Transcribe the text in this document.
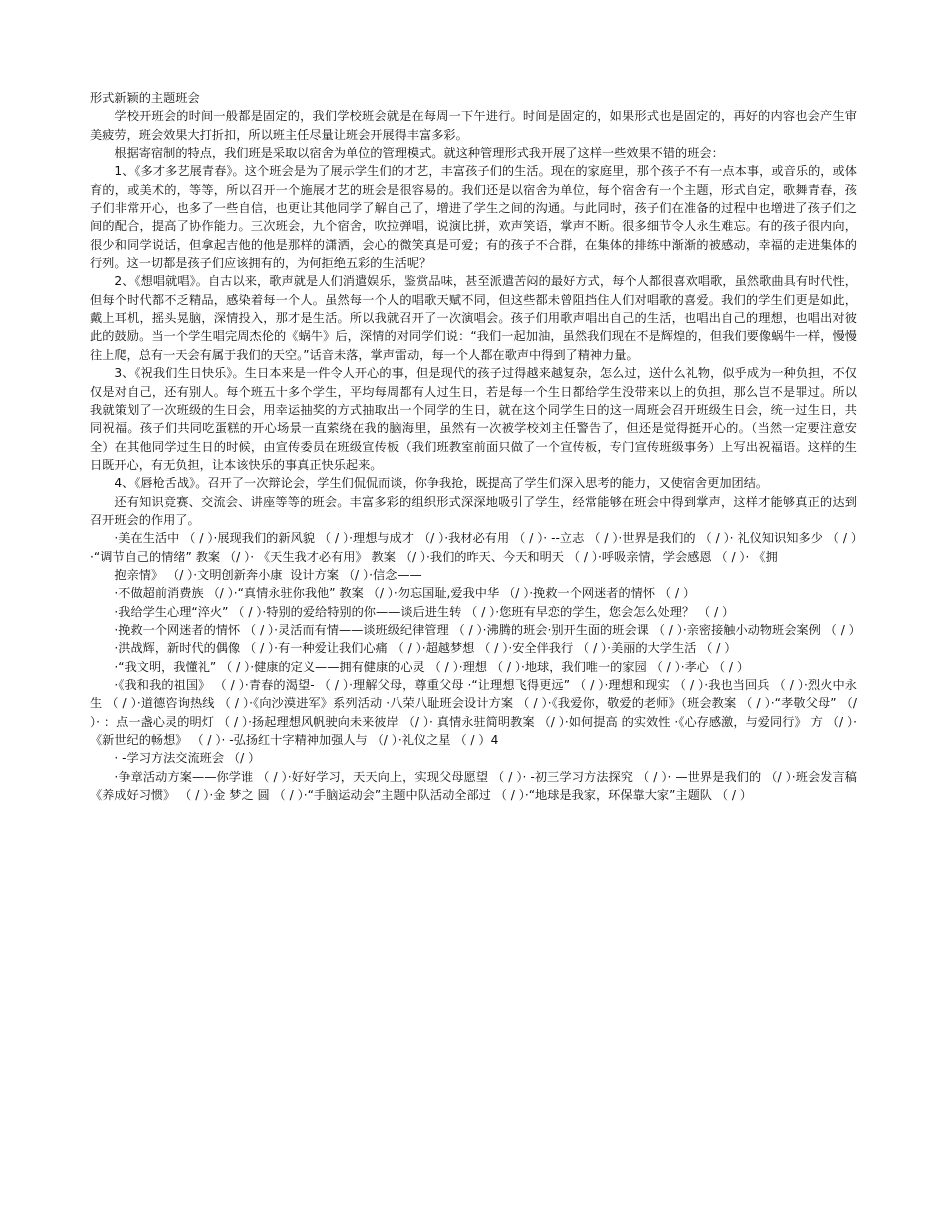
形式新颖的主题班会

学校开班会的时间一般都是固定的，我们学校班会就是在每周一下午进行。时间是固定的，如果形式也是固定的，再好的内容也会产生审美疲劳，班会效果大打折扣，所以班主任尽量让班会开展得丰富多彩。

根据寄宿制的特点，我们班是采取以宿舍为单位的管理模式。就这种管理形式我开展了这样一些效果不错的班会：

1、《多才多艺展青春》。这个班会是为了展示学生们的才艺，丰富孩子们的生活。现在的家庭里，那个孩子不有一点本事，或音乐的，或体育的，或美术的，等等，所以召开一个施展才艺的班会是很容易的。我们还是以宿舍为单位，每个宿舍有一个主题，形式自定，歌舞青春，孩子们非常开心，也多了一些自信，也更让其他同学了解自己了，增进了学生之间的沟通。与此同时，孩子们在准备的过程中也增进了孩子们之间的配合，提高了协作能力。三次班会，九个宿舍，吹拉弹唱，说演比拼，欢声笑语，掌声不断。很多细节令人永生难忘。有的孩子很内向，很少和同学说话，但拿起吉他的他是那样的潇洒，会心的微笑真是可爱；有的孩子不合群，在集体的排练中渐渐的被感动，幸福的走进集体的行列。这一切都是孩子们应该拥有的，为何拒绝五彩的生活呢？

2、《想唱就唱》。自古以来，歌声就是人们消遣娱乐，鉴赏品味，甚至派遣苦闷的最好方式，每个人都很喜欢唱歌，虽然歌曲具有时代性，但每个时代都不乏精品，感染着每一个人。虽然每一个人的唱歌天赋不同，但这些都未曾阻挡住人们对唱歌的喜爱。我们的学生们更是如此，戴上耳机，摇头晃脑，深情投入，那才是生活。所以我就召开了一次演唱会。孩子们用歌声唱出自己的生活，也唱出自己的理想，也唱出对彼此的鼓励。当一个学生唱完周杰伦的《蜗牛》后，深情的对同学们说：“我们一起加油，虽然我们现在不是辉煌的，但我们要像蜗牛一样，慢慢往上爬，总有一天会有属于我们的天空。”话音未落，掌声雷动，每一个人都在歌声中得到了精神力量。

3、《祝我们生日快乐》。生日本来是一件令人开心的事，但是现代的孩子过得越来越复杂，怎么过，送什么礼物，似乎成为一种负担，不仅仅是对自己，还有别人。每个班五十多个学生，平均每周都有人过生日，若是每一个生日都给学生没带来以上的负担，那么岂不是罪过。所以我就策划了一次班级的生日会，用幸运抽奖的方式抽取出一个同学的生日，就在这个同学生日的这一周班会召开班级生日会，统一过生日，共同祝福。孩子们共同吃蛋糕的开心场景一直萦绕在我的脑海里，虽然有一次被学校刘主任警告了，但还是觉得挺开心的。（当然一定要注意安全）在其他同学过生日的时候，由宣传委员在班级宣传板（我们班教室前面只做了一个宣传板，专门宣传班级事务）上写出祝福语。这样的生日既开心，有无负担，让本该快乐的事真正快乐起来。

4、《唇枪舌战》。召开了一次辩论会，学生们侃侃而谈，你争我抢，既提高了学生们深入思考的能力，又使宿舍更加团结。

还有知识竞赛、交流会、讲座等等的班会。丰富多彩的组织形式深深地吸引了学生，经常能够在班会中得到掌声，这样才能够真正的达到召开班会的作用了。

·美在生活中 （ / ）·展现我们的新风貌 （ / ）·理想与成才 （/ ）·我材必有用 （ / ）· --立志 （ / ）·世界是我们的 （ / ）· 礼仪知识知多少 （ / ）·“调节自己的情绪” 教案 （/ ）· 《天生我才必有用》 教案 （/ ）·我们的昨天、今天和明天 （ / ）·呼吸亲情，学会感恩 （ / ）· 《拥

抱亲情》 （/ ）·文明创新奔小康  设计方案 （/ ）·信念——

·不做超前消费族 （/ ）·“真情永驻你我他” 教案 （/ ）·勿忘国耻,爱我中华 （/ ）·挽救一个网迷者的情怀 （ / ）

·我给学生心理“淬火” （ / ）·特别的爱给特别的你——谈后进生转 （ / ）·您班有早恋的学生，您会怎么处理？ （ / ）

·挽救一个网迷者的情怀 （ / ）·灵活而有情——谈班级纪律管理 （ / ）·沸腾的班会·别开生面的班会课 （ / ）·亲密接触小动物班会案例 （ / ）

·洪战辉，新时代的偶像 （ / ）·有一种爱让我们心痛 （ / ）·超越梦想 （ / ）·安全伴我行 （ / ）·美丽的大学生活 （ / ）

·“我文明，我懂礼” （ / ）·健康的定义——拥有健康的心灵 （ / ）·理想 （ / ）·地球，我们唯一的家园 （ / ）·孝心 （ / ）

·《我和我的祖国》 （ / ）·青春的渴望- （ / ）·理解父母，尊重父母 ·“让理想飞得更远” （ / ）·理想和现实 （ / ）·我也当回兵 （ / ）·烈火中永生 （ / ）·道德咨询热线 （ / ）·《向沙漠进军》系列活动 ·八荣八耻班会设计方案 （ / ）·《我爱你，敬爱的老师》（班会教案 （ / ）·“孝敬父母” （/ ）· ：点一盏心灵的明灯 （ / ）·扬起理想风帆驶向未来彼岸 （/ ）· 真情永驻简明教案 （/ ）·如何提高 的实效性 ·《心存感激，与爱同行》 方 （/ ）·《新世纪的畅想》 （ / ）· -弘扬红十字精神加强人与 （/ ）·礼仪之星 （ / ）4

· -学习方法交流班会 （/ ）

·争章活动方案——你学谁 （ / ）·好好学习，天天向上，实现父母愿望 （ / ）· -初三学习方法探究 （ / ）· —世界是我们的 （/ ）·班会发言稿《养成好习惯》 （ / ）·金 梦之 圆 （ / ）·“手脑运动会”主题中队活动全部过 （ / ）·“地球是我家，环保靠大家”主题队 （ / ）
